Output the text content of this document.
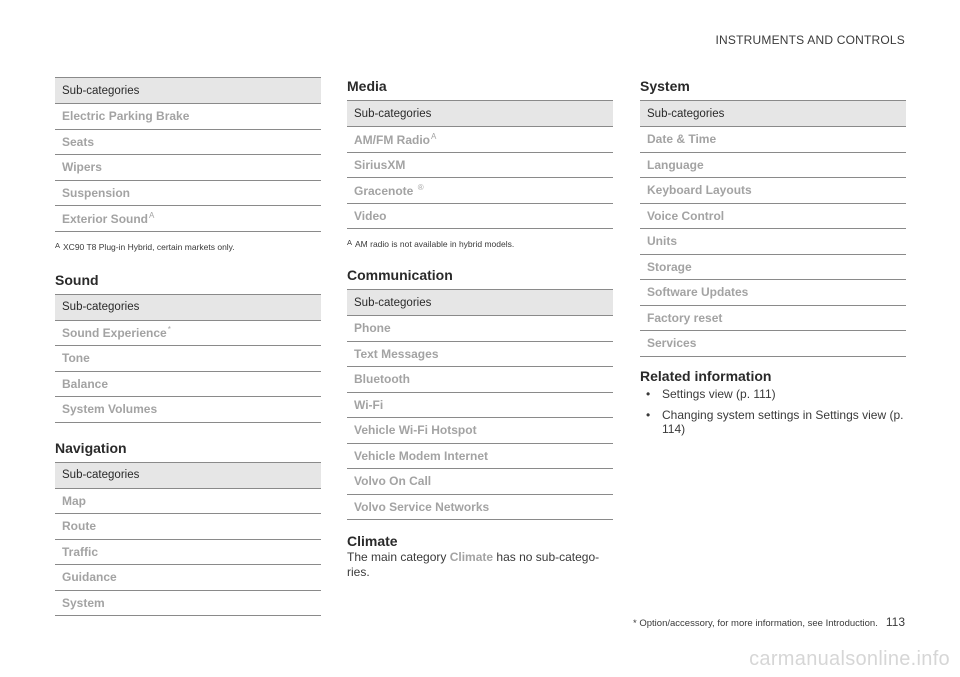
INSTRUMENTS AND CONTROLS
Sub-categories
Electric Parking Brake
Seats
Wipers
Suspension
Exterior Sound$^A$
A XC90 T8 Plug-in Hybrid, certain markets only.
Sound
Sub-categories
Sound Experience*
Tone
Balance
System Volumes
Navigation
Sub-categories
Map
Route
Traffic
Guidance
System
Media
Sub-categories
AM/FM Radio$^A$
SiriusXM
Gracenote ®
Video
A AM radio is not available in hybrid models.
Communication
Sub-categories
Phone
Text Messages
Bluetooth
Wi-Fi
Vehicle Wi-Fi Hotspot
Vehicle Modem Internet
Volvo On Call
Volvo Service Networks
Climate

The main category Climate has no sub-catego-ries.

System
Sub-categories
Date & Time
Language
Keyboard Layouts
Voice Control
Units
Storage
Software Updates
Factory reset
Services
Related information
• Settings view (p. 111)
• Changing system settings in Settings view (p. 114)
* Option/accessory, for more information, see Introduction. 113
carmanualsonline.info
